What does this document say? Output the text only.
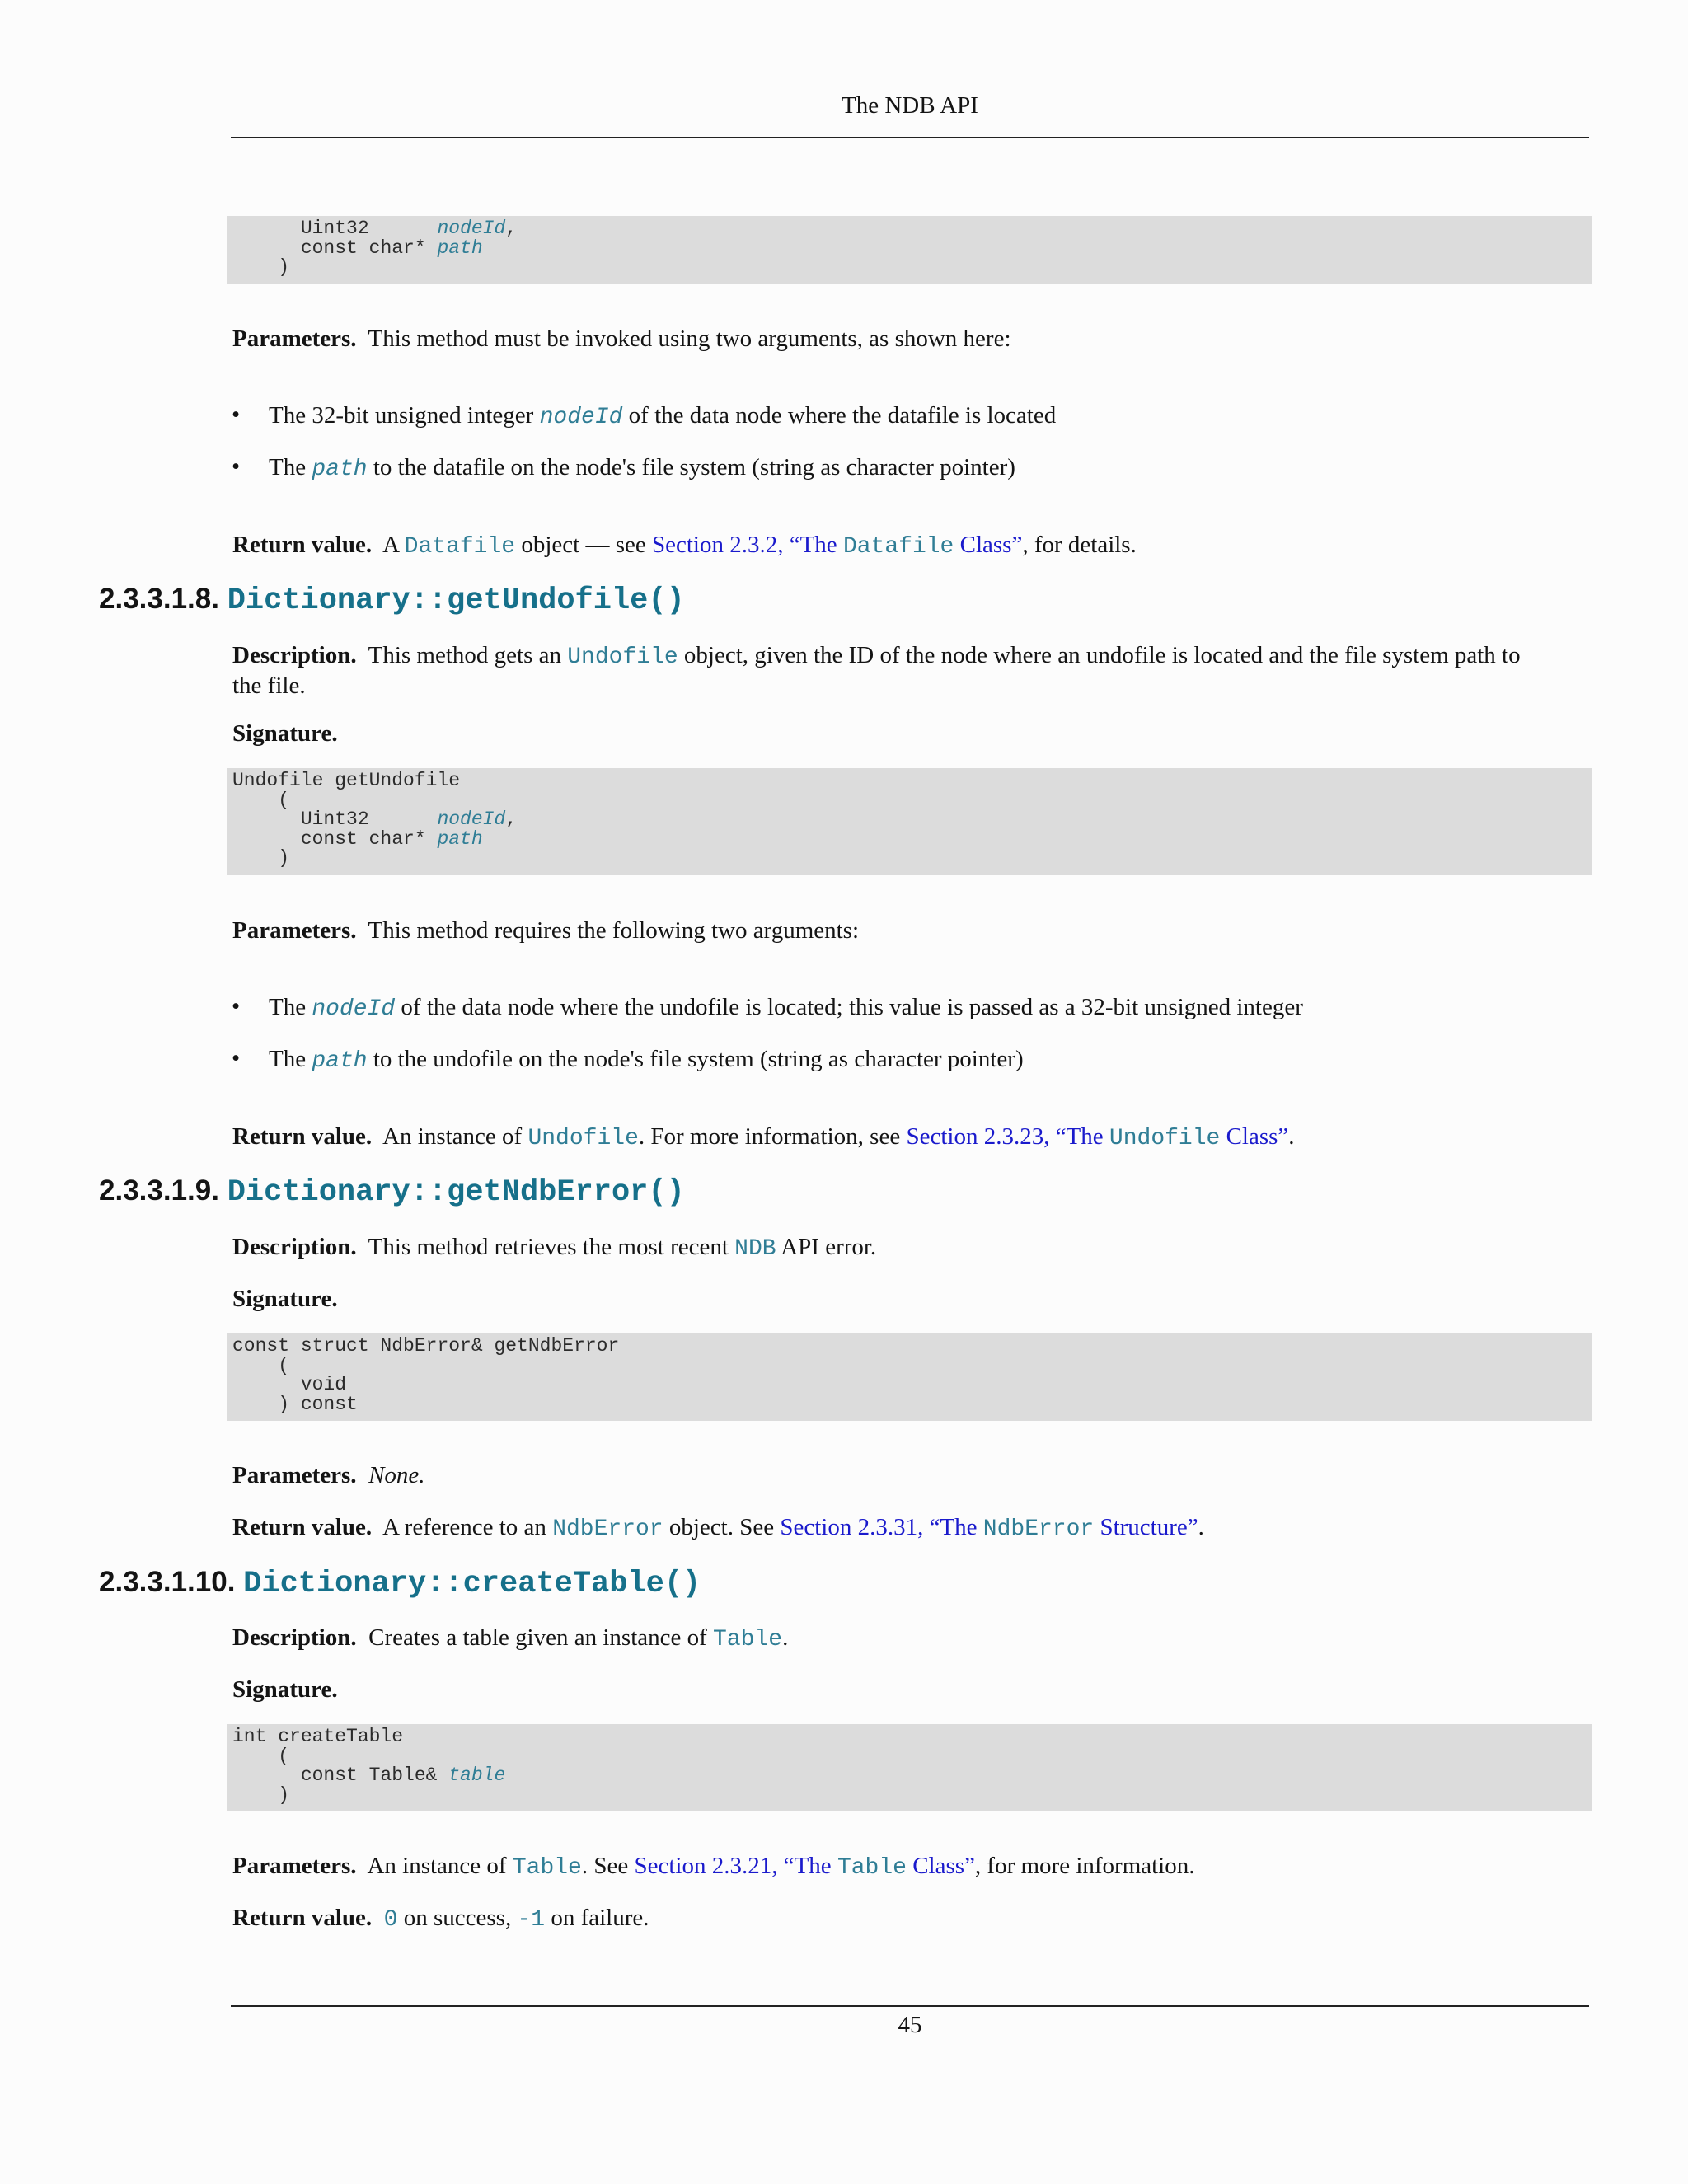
The NDB API
Uint32      nodeId,
const char* path
)
Parameters. This method must be invoked using two arguments, as shown here:
• The 32-bit unsigned integer nodeId of the data node where the datafile is located
• The path to the datafile on the node's file system (string as character pointer)
Return value. A Datafile object — see Section 2.3.2, “The Datafile Class”, for details.
2.3.3.1.8. Dictionary::getUndofile()
Description. This method gets an Undofile object, given the ID of the node where an undofile is located and the file system path to
the file.
Signature.
Undofile getUndofile
(
Uint32      nodeId,
const char* path
)
Parameters. This method requires the following two arguments:
• The nodeId of the data node where the undofile is located; this value is passed as a 32-bit unsigned integer
• The path to the undofile on the node's file system (string as character pointer)
Return value. An instance of Undofile. For more information, see Section 2.3.23, “The Undofile Class”.
2.3.3.1.9. Dictionary::getNdbError()
Description. This method retrieves the most recent NDB API error.
Signature.
const struct NdbError& getNdbError
(
void
) const
Parameters. None.
Return value. A reference to an NdbError object. See Section 2.3.31, “The NdbError Structure”.
2.3.3.1.10. Dictionary::createTable()
Description. Creates a table given an instance of Table.
Signature.
int createTable
(
const Table& table
)
Parameters. An instance of Table. See Section 2.3.21, “The Table Class”, for more information.
Return value. 0 on success, -1 on failure.
45
